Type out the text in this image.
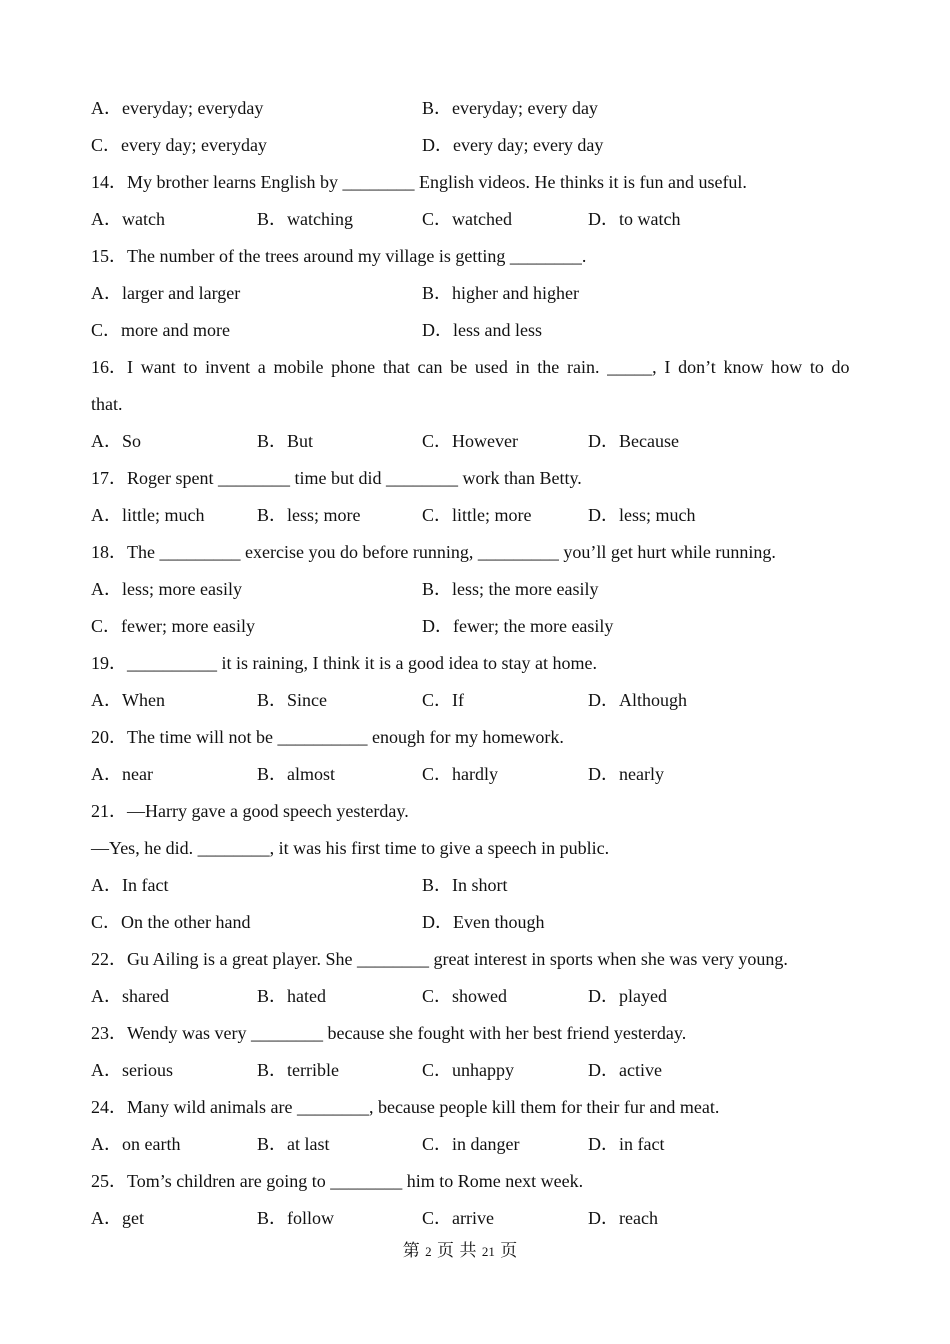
A．everyday; everyday	B．everyday; every day
C．every day; everyday	D．every day; every day
14．My brother learns English by ________ English videos. He thinks it is fun and useful.
A．watch	B．watching	C．watched	D．to watch
15．The number of the trees around my village is getting ________.
A．larger and larger	B．higher and higher
C．more and more	D．less and less
16．I want to invent a mobile phone that can be used in the rain. _____, I don’t know how to do
that.
A．So	B．But	C．However	D．Because
17．Roger spent ________ time but did ________ work than Betty.
A．little; much	B．less; more	C．little; more	D．less; much
18．The _________ exercise you do before running, _________ you’ll get hurt while running.
A．less; more easily	B．less; the more easily
C．fewer; more easily	D．fewer; the more easily
19．__________ it is raining, I think it is a good idea to stay at home.
A．When	B．Since	C．If	D．Although
20．The time will not be __________ enough for my homework.
A．near	B．almost	C．hardly	D．nearly
21．—Harry gave a good speech yesterday.
—Yes, he did. ________, it was his first time to give a speech in public.
A．In fact	B．In short
C．On the other hand	D．Even though
22．Gu Ailing is a great player. She ________ great interest in sports when she was very young.
A．shared	B．hated	C．showed	D．played
23．Wendy was very ________ because she fought with her best friend yesterday.
A．serious	B．terrible	C．unhappy	D．active
24．Many wild animals are ________, because people kill them for their fur and meat.
A．on earth	B．at last	C．in danger	D．in fact
25．Tom’s children are going to ________ him to Rome next week.
A．get	B．follow	C．arrive	D．reach
第 2 页 共 21 页
